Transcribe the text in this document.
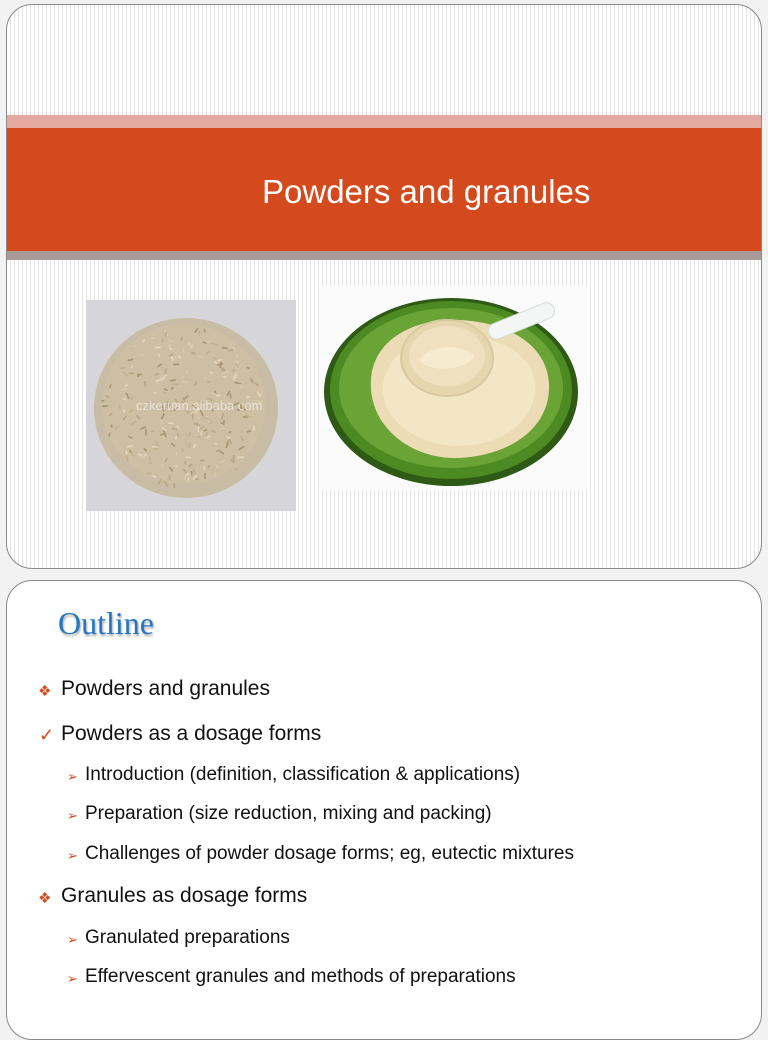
Powders and granules
czkeruan.alibaba.com
Outline
❖ Powders and granules
✓ Powders as a dosage forms
➢ Introduction (definition, classification & applications)
➢ Preparation (size reduction, mixing and packing)
➢ Challenges of powder dosage forms; eg, eutectic mixtures
❖ Granules as dosage forms
➢ Granulated preparations
➢ Effervescent granules and methods of preparations
